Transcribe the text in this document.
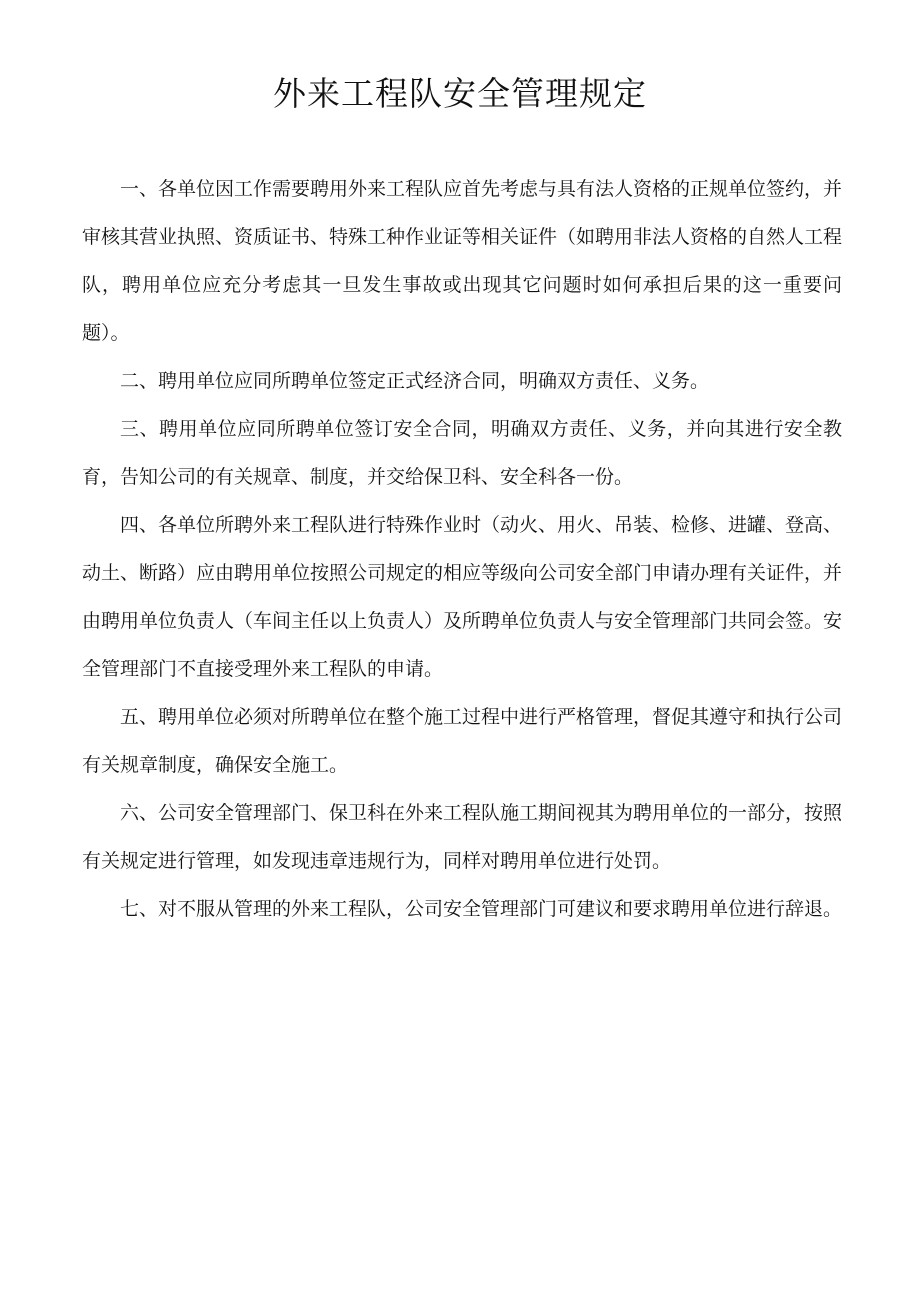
外来工程队安全管理规定

一、各单位因工作需要聘用外来工程队应首先考虑与具有法人资格的正规单位签约，并审核其营业执照、资质证书、特殊工种作业证等相关证件（如聘用非法人资格的自然人工程队，聘用单位应充分考虑其一旦发生事故或出现其它问题时如何承担后果的这一重要问题）。

二、聘用单位应同所聘单位签定正式经济合同，明确双方责任、义务。

三、聘用单位应同所聘单位签订安全合同，明确双方责任、义务，并向其进行安全教育，告知公司的有关规章、制度，并交给保卫科、安全科各一份。

四、各单位所聘外来工程队进行特殊作业时（动火、用火、吊装、检修、进罐、登高、动土、断路）应由聘用单位按照公司规定的相应等级向公司安全部门申请办理有关证件，并由聘用单位负责人（车间主任以上负责人）及所聘单位负责人与安全管理部门共同会签。安全管理部门不直接受理外来工程队的申请。

五、聘用单位必须对所聘单位在整个施工过程中进行严格管理，督促其遵守和执行公司有关规章制度，确保安全施工。

六、公司安全管理部门、保卫科在外来工程队施工期间视其为聘用单位的一部分，按照有关规定进行管理，如发现违章违规行为，同样对聘用单位进行处罚。

七、对不服从管理的外来工程队，公司安全管理部门可建议和要求聘用单位进行辞退。
